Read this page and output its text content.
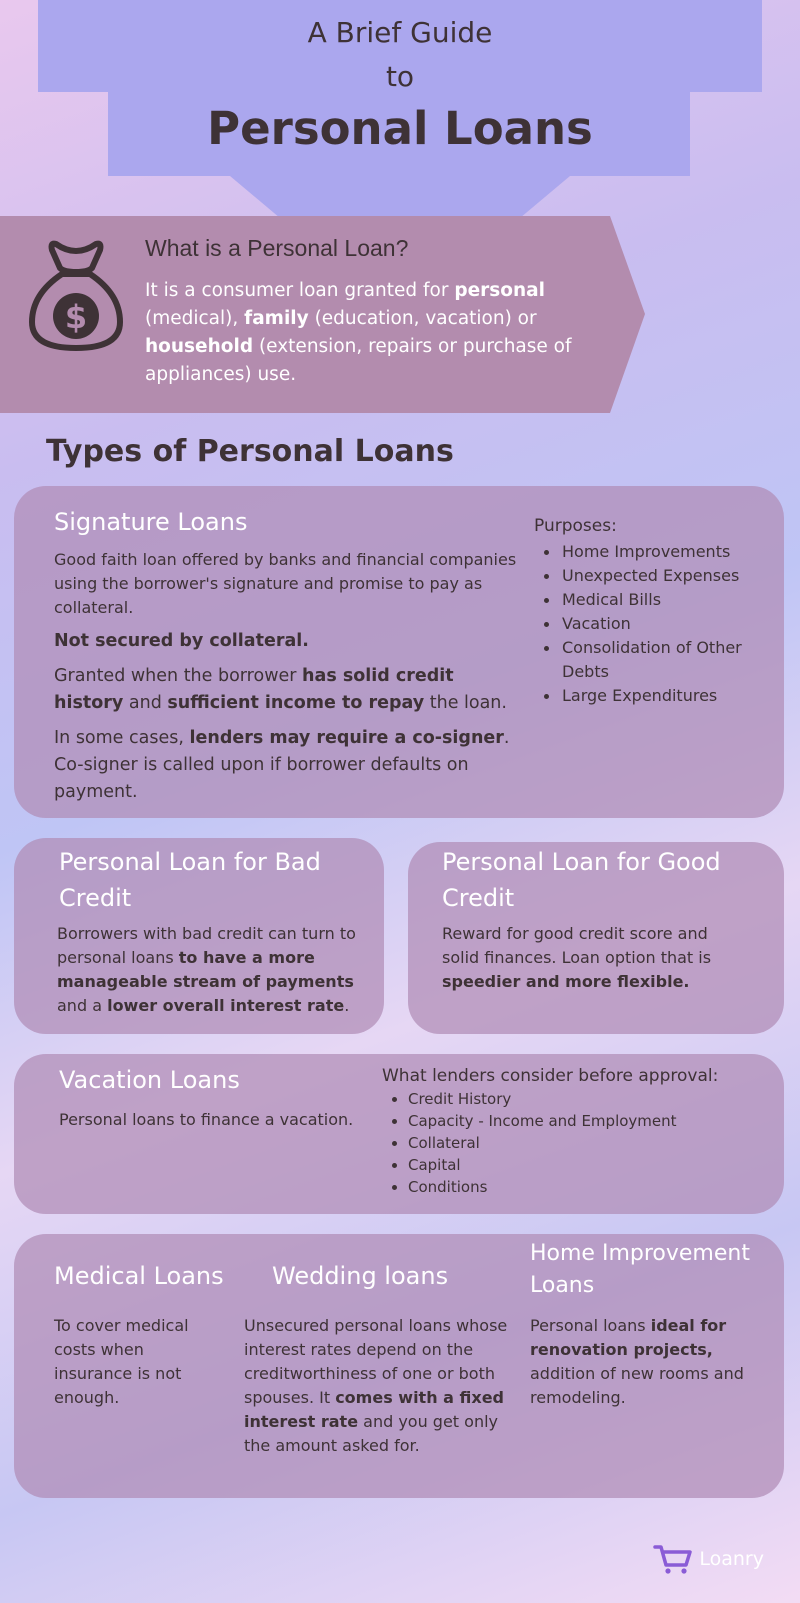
A Brief Guide
to
Personal Loans
$
What is a Personal Loan?
It is a consumer loan granted for personal (medical), family (education, vacation) or household (extension, repairs or purchase of appliances) use.
Types of Personal Loans
Signature Loans

Good faith loan offered by banks and financial companies using the borrower's signature and promise to pay as collateral.

Not secured by collateral.

Granted when the borrower has solid credit history and sufficient income to repay the loan.

In some cases, lenders may require a co-signer. Co-signer is called upon if borrower defaults on payment.

Purposes:
Home Improvements
Unexpected Expenses
Medical Bills
Vacation
Consolidation of Other Debts
Large Expenditures
Personal Loan for Bad Credit
Borrowers with bad credit can turn to personal loans to have a more manageable stream of payments and a lower overall interest rate.
Personal Loan for Good Credit
Reward for good credit score and solid finances. Loan option that is speedier and more flexible.
Vacation Loans
Personal loans to finance a vacation.
What lenders consider before approval:
Credit History
Capacity - Income and Employment
Collateral
Capital
Conditions
Medical Loans
To cover medical costs when insurance is not enough.
Wedding loans
Unsecured personal loans whose interest rates depend on the creditworthiness of one or both spouses. It comes with a fixed interest rate and you get only the amount asked for.
Home Improvement Loans
Personal loans ideal for renovation projects, addition of new rooms and remodeling.
Loanry
